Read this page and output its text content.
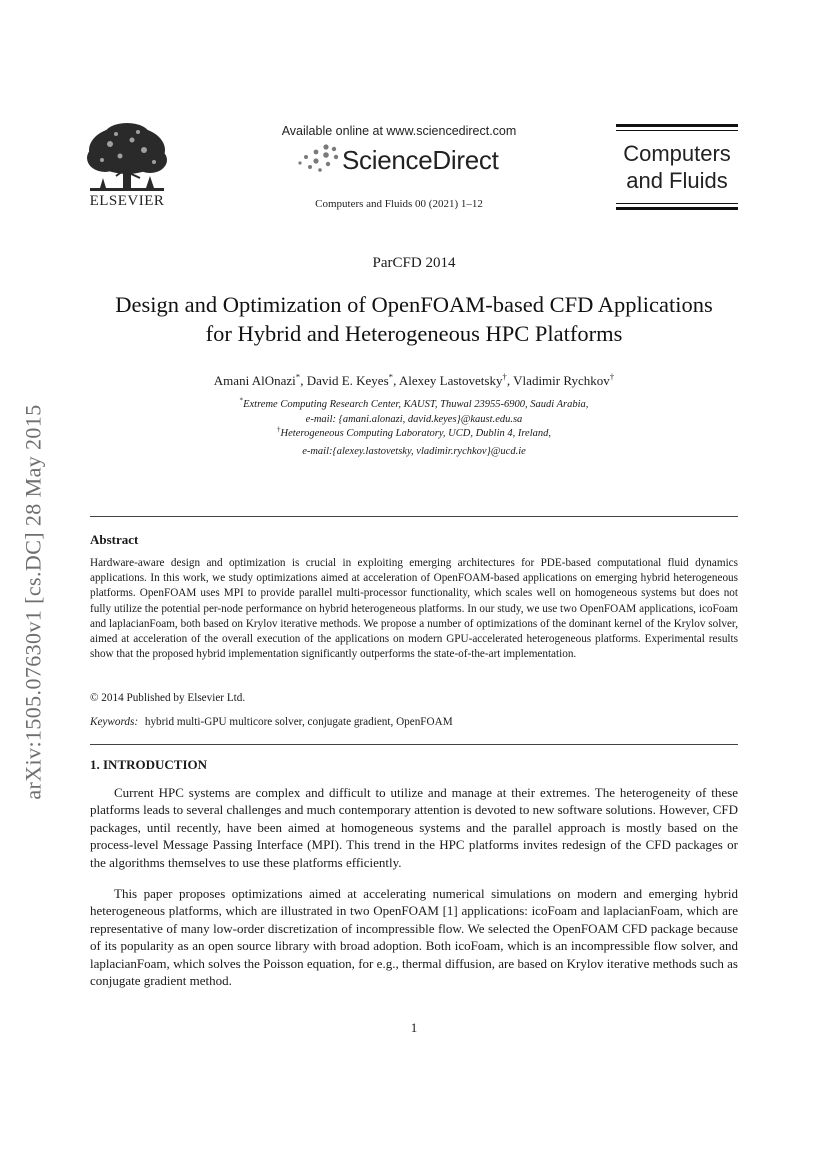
arXiv:1505.07630v1 [cs.DC] 28 May 2015
ELSEVIER
Available online at www.sciencedirect.com
ScienceDirect
Computers and Fluids 00 (2021) 1–12
Computers
and Fluids
ParCFD 2014
Design and Optimization of OpenFOAM-based CFD Applications
for Hybrid and Heterogeneous HPC Platforms
Amani AlOnazi*, David E. Keyes*, Alexey Lastovetsky†, Vladimir Rychkov†
*Extreme Computing Research Center, KAUST, Thuwal 23955-6900, Saudi Arabia,
e-mail: {amani.alonazi, david.keyes}@kaust.edu.sa
†Heterogeneous Computing Laboratory, UCD, Dublin 4, Ireland,
e-mail:{alexey.lastovetsky, vladimir.rychkov}@ucd.ie
Abstract
Hardware-aware design and optimization is crucial in exploiting emerging architectures for PDE-based computational fluid dynamics applications. In this work, we study optimizations aimed at acceleration of OpenFOAM-based applications on emerging hybrid heterogeneous platforms. OpenFOAM uses MPI to provide parallel multi-processor functionality, which scales well on homogeneous systems but does not fully utilize the potential per-node performance on hybrid heterogeneous platforms. In our study, we use two OpenFOAM applications, icoFoam and laplacianFoam, both based on Krylov iterative methods. We propose a number of optimizations of the dominant kernel of the Krylov solver, aimed at acceleration of the overall execution of the applications on modern GPU-accelerated heterogeneous platforms. Experimental results show that the proposed hybrid implementation significantly outperforms the state-of-the-art implementation.
© 2014 Published by Elsevier Ltd.
Keywords: hybrid multi-GPU multicore solver, conjugate gradient, OpenFOAM
1. INTRODUCTION
Current HPC systems are complex and difficult to utilize and manage at their extremes. The heterogeneity of these platforms leads to several challenges and much contemporary attention is devoted to new software solutions. However, CFD packages, until recently, have been aimed at homogeneous systems and the parallel approach is mostly based on the process-level Message Passing Interface (MPI). This trend in the HPC platforms invites redesign of the CFD packages or the algorithms themselves to use these platforms efficiently.
This paper proposes optimizations aimed at accelerating numerical simulations on modern and emerging hybrid heterogeneous platforms, which are illustrated in two OpenFOAM [1] applications: icoFoam and laplacianFoam, which are representative of many low-order discretization of incompressible flow. We selected the OpenFOAM CFD package because of its popularity as an open source library with broad adoption. Both icoFoam, which is an incompressible flow solver, and laplacianFoam, which solves the Poisson equation, for e.g., thermal diffusion, are based on Krylov iterative methods such as conjugate gradient method.
1
